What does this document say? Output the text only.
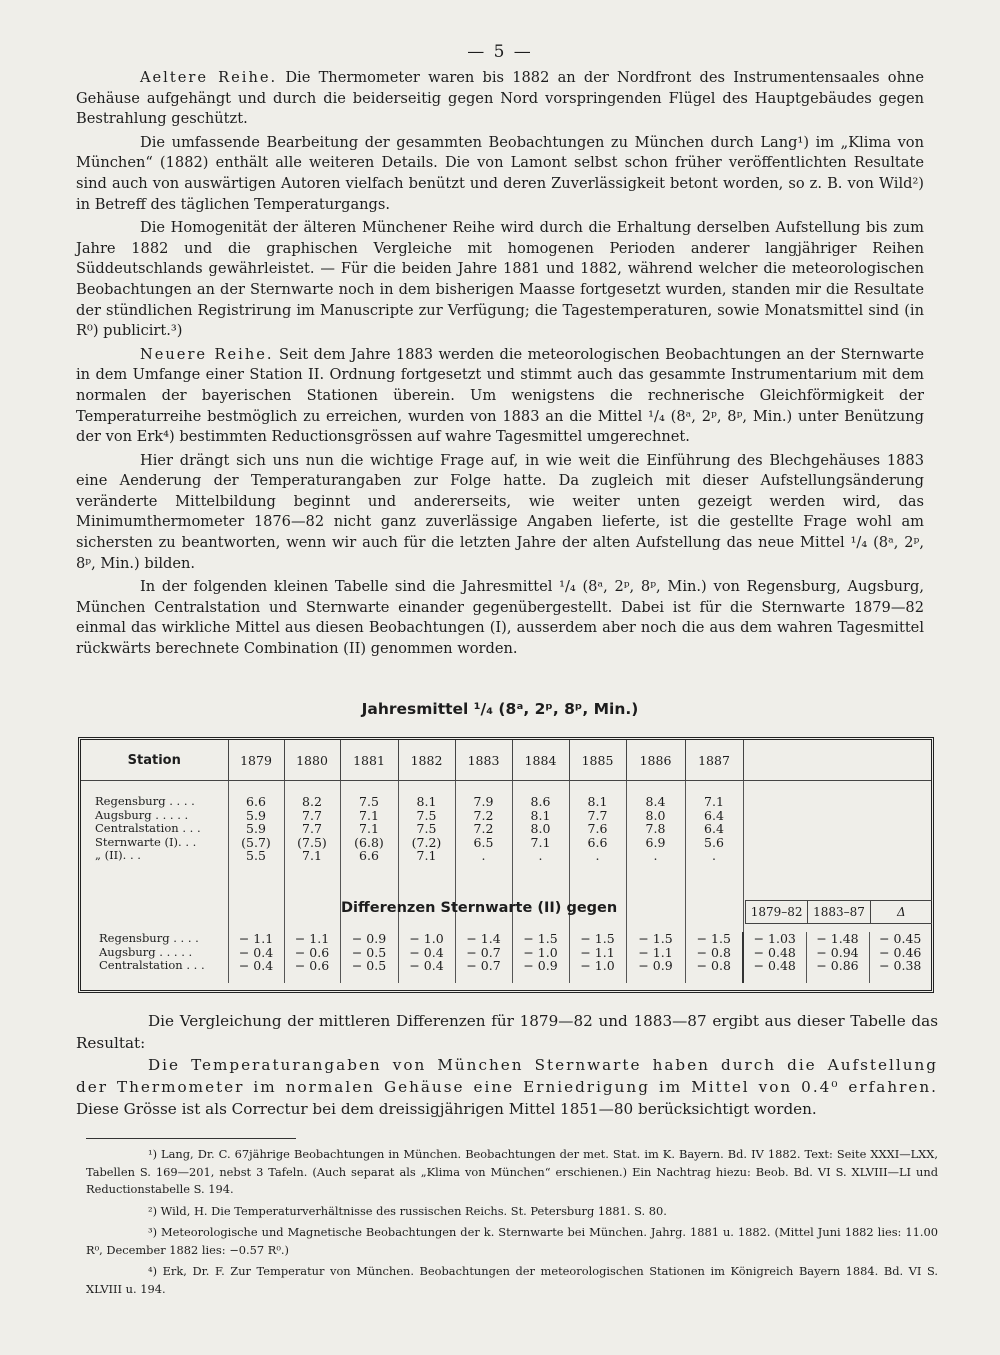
— 5 —

Aeltere Reihe. Die Thermometer waren bis 1882 an der Nordfront des Instrumentensaales ohne Gehäuse aufgehängt und durch die beiderseitig gegen Nord vorspringenden Flügel des Hauptgebäudes gegen Bestrahlung geschützt.

Die umfassende Bearbeitung der gesammten Beobachtungen zu München durch Lang¹) im „Klima von München“ (1882) enthält alle weiteren Details. Die von Lamont selbst schon früher veröffentlichten Resultate sind auch von auswärtigen Autoren vielfach benützt und deren Zuverlässigkeit betont worden, so z. B. von Wild²) in Betreff des täglichen Temperaturgangs.

Die Homogenität der älteren Münchener Reihe wird durch die Erhaltung derselben Aufstellung bis zum Jahre 1882 und die graphischen Vergleiche mit homogenen Perioden anderer langjähriger Reihen Süddeutschlands gewährleistet. — Für die beiden Jahre 1881 und 1882, während welcher die meteorologischen Beobachtungen an der Sternwarte noch in dem bisherigen Maasse fortgesetzt wurden, standen mir die Resultate der stündlichen Registrirung im Manuscripte zur Verfügung; die Tagestemperaturen, sowie Monatsmittel sind (in R⁰) publicirt.³)

Neuere Reihe. Seit dem Jahre 1883 werden die meteorologischen Beobachtungen an der Sternwarte in dem Umfange einer Station II. Ordnung fortgesetzt und stimmt auch das gesammte Instrumentarium mit dem normalen der bayerischen Stationen überein. Um wenigstens die rechnerische Gleichförmigkeit der Temperaturreihe bestmöglich zu erreichen, wurden von 1883 an die Mittel ¹/₄ (8ᵃ, 2ᵖ, 8ᵖ, Min.) unter Benützung der von Erk⁴) bestimmten Reductionsgrössen auf wahre Tagesmittel umgerechnet.

Hier drängt sich uns nun die wichtige Frage auf, in wie weit die Einführung des Blechgehäuses 1883 eine Aenderung der Temperaturangaben zur Folge hatte. Da zugleich mit dieser Aufstellungsänderung veränderte Mittelbildung beginnt und andererseits, wie weiter unten gezeigt werden wird, das Minimumthermometer 1876—82 nicht ganz zuverlässige Angaben lieferte, ist die gestellte Frage wohl am sichersten zu beantworten, wenn wir auch für die letzten Jahre der alten Aufstellung das neue Mittel ¹/₄ (8ᵃ, 2ᵖ, 8ᵖ, Min.) bilden.

In der folgenden kleinen Tabelle sind die Jahresmittel ¹/₄ (8ᵃ, 2ᵖ, 8ᵖ, Min.) von Regensburg, Augsburg, München Centralstation und Sternwarte einander gegenübergestellt. Dabei ist für die Sternwarte 1879—82 einmal das wirkliche Mittel aus diesen Beobachtungen (I), ausserdem aber noch die aus dem wahren Tagesmittel rückwärts berechnete Combination (II) genommen worden.

Jahresmittel ¹/₄ (8ᵃ, 2ᵖ, 8ᵖ, Min.)
Station	1879	1880	1881	1882	1883	1884	1885	1886	1887	

Regensburg . . . .	6.6	8.2	7.5	8.1	7.9	8.6	8.1	8.4	7.1	
Augsburg . . . . .	5.9	7.7	7.1	7.5	7.2	8.1	7.7	8.0	6.4	
Centralstation . . .	5.9	7.7	7.1	7.5	7.2	8.0	7.6	7.8	6.4	
Sternwarte (I). . .	(5.7)	(7.5)	(6.8)	(7.2)	6.5	7.1	6.6	6.9	5.6	
„ (II). . .	5.5	7.1	6.6	7.1	.	.	.	.	.	

Differenzen Sternwarte (II) gegen	1879–82 1883–87	Δ
Regensburg . . . .	− 1.1	− 1.1	− 0.9	− 1.0	− 1.4	− 1.5	− 1.5	− 1.5	− 1.5	− 1.03	− 1.48	− 0.45
Augsburg . . . . .	− 0.4	− 0.6	− 0.5	− 0.4	− 0.7	− 1.0	− 1.1	− 1.1	− 0.8	− 0.48	− 0.94	− 0.46
Centralstation . . .	− 0.4	− 0.6	− 0.5	− 0.4	− 0.7	− 0.9	− 1.0	− 0.9	− 0.8	− 0.48	− 0.86	− 0.38

Die Vergleichung der mittleren Differenzen für 1879—82 und 1883—87 ergibt aus dieser Tabelle das Resultat:

Die Temperaturangaben von München Sternwarte haben durch die Aufstellung der Thermometer im normalen Gehäuse eine Erniedrigung im Mittel von 0.4⁰ erfahren. Diese Grösse ist als Correctur bei dem dreissigjährigen Mittel 1851—80 berücksichtigt worden.

¹) Lang, Dr. C. 67jährige Beobachtungen in München. Beobachtungen der met. Stat. im K. Bayern. Bd. IV 1882. Text: Seite XXXI—LXX, Tabellen S. 169—201, nebst 3 Tafeln. (Auch separat als „Klima von München“ erschienen.) Ein Nachtrag hiezu: Beob. Bd. VI S. XLVIII—LI und Reductionstabelle S. 194.

²) Wild, H. Die Temperaturverhältnisse des russischen Reichs. St. Petersburg 1881. S. 80.

³) Meteorologische und Magnetische Beobachtungen der k. Sternwarte bei München. Jahrg. 1881 u. 1882. (Mittel Juni 1882 lies: 11.00 R⁰, December 1882 lies: −0.57 R⁰.)

⁴) Erk, Dr. F. Zur Temperatur von München. Beobachtungen der meteorologischen Stationen im Königreich Bayern 1884. Bd. VI S. XLVIII u. 194.
